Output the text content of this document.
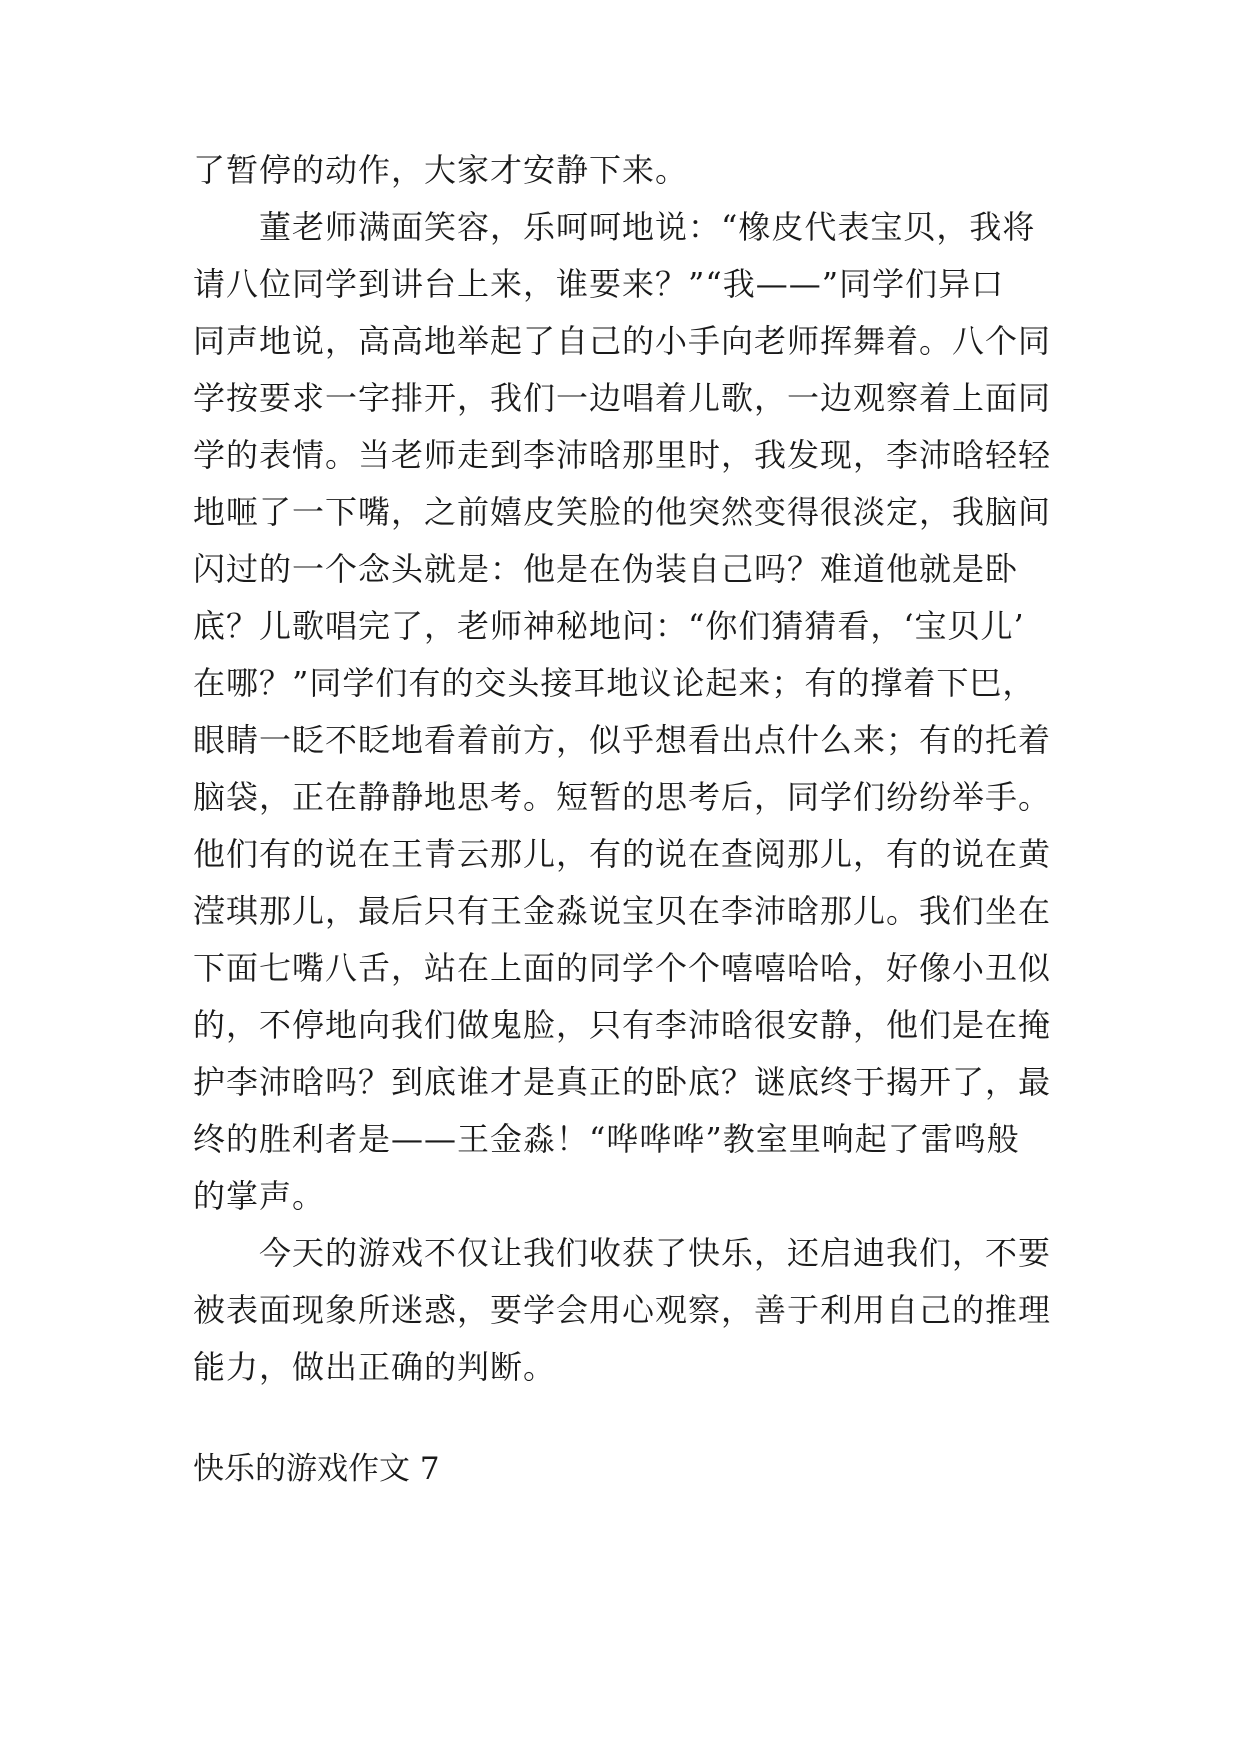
了暂停的动作，大家才安静下来。
　　董老师满面笑容，乐呵呵地说：“橡皮代表宝贝，我将
请八位同学到讲台上来，谁要来？”“我——”同学们异口
同声地说，高高地举起了自己的小手向老师挥舞着。八个同
学按要求一字排开，我们一边唱着儿歌，一边观察着上面同
学的表情。当老师走到李沛晗那里时，我发现，李沛晗轻轻
地咂了一下嘴，之前嬉皮笑脸的他突然变得很淡定，我脑间
闪过的一个念头就是：他是在伪装自己吗？难道他就是卧
底？儿歌唱完了，老师神秘地问：“你们猜猜看，‘宝贝儿’
在哪？”同学们有的交头接耳地议论起来；有的撑着下巴，
眼睛一眨不眨地看着前方，似乎想看出点什么来；有的托着
脑袋，正在静静地思考。短暂的思考后，同学们纷纷举手。
他们有的说在王青云那儿，有的说在查阅那儿，有的说在黄
滢琪那儿，最后只有王金淼说宝贝在李沛晗那儿。我们坐在
下面七嘴八舌，站在上面的同学个个嘻嘻哈哈，好像小丑似
的，不停地向我们做鬼脸，只有李沛晗很安静，他们是在掩
护李沛晗吗？到底谁才是真正的卧底？谜底终于揭开了，最
终的胜利者是——王金淼！“哗哗哗”教室里响起了雷鸣般
的掌声。
　　今天的游戏不仅让我们收获了快乐，还启迪我们，不要
被表面现象所迷惑，要学会用心观察，善于利用自己的推理
能力，做出正确的判断。
快乐的游戏作文 7
